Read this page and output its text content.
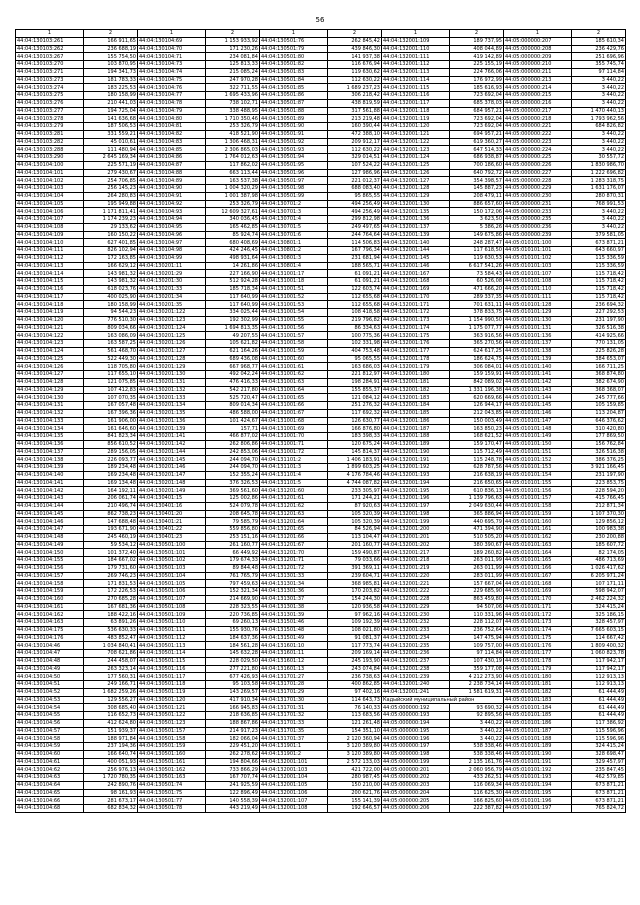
56
1	2	1	2	1	2	1	2	1	2
44:04:130103:261	166 911,65	44:04:130104:69	1 153 933,92	44:04:130501:76	262 845,42	44:04:132001:109	189 737,95	44:05:000000:207	185 610,34
44:04:130103:262	236 688,19	44:04:130104:70	171 230,26	44:04:130501:79	439 846,30	44:04:132001:110	408 044,89	44:05:000000:208	236 429,76
44:04:130103:267	155 754,50	44:04:130104:71	234 081,84	44:04:130501:80	141 937,38	44:04:132001:111	419 142,89	44:05:000000:209	251 696,96
44:04:130103:270	103 870,95	44:04:130104:73	125 813,33	44:04:130501:82	116 676,94	44:04:132001:112	225 155,19	44:05:000000:210	355 745,74
44:04:130103:271	194 341,73	44:04:130104:74	215 085,24	44:04:130501:83	119 630,62	44:04:132001:113	224 766,06	44:05:000000:211	97 114,84
44:04:130103:273	181 783,33	44:04:130104:75	247 970,28	44:04:130501:84	112 630,22	44:04:132001:114	176 972,99	44:05:000000:213	3 440,22
44:04:130103:274	183 225,53	44:04:130104:76	322 711,55	44:04:130501:85	1 689 237,23	44:04:132001:115	185 616,93	44:05:000000:214	3 440,22
44:04:130103:275	180 158,99	44:04:130104:77	1 695 433,96	44:04:130501:86	306 218,42	44:04:132001:116	723 692,04	44:05:000000:215	3 440,22
44:04:130103:276	210 441,03	44:04:130104:78	738 102,71	44:04:130501:87	438 819,59	44:04:132001:117	685 378,03	44:05:000000:216	3 440,22
44:04:130103:277	194 725,04	44:04:130104:79	338 488,95	44:04:130501:88	317 561,88	44:04:132001:118	684 957,21	44:05:000000:217	1 470 440,13
44:04:130103:278	141 636,68	44:04:130104:80	1 710 350,46	44:04:130501:89	213 219,48	44:04:132001:119	723 692,04	44:05:000000:218	1 793 962,56
44:04:130103:279	187 506,53	44:04:130104:81	253 326,79	44:04:130501:90	160 390,44	44:04:132001:120	723 692,04	44:05:000000:221	684 826,82
44:04:130103:281	331 559,21	44:04:130104:82	418 521,90	44:04:130501:91	472 388,10	44:04:132001:121	694 957,21	44:05:000000:222	3 440,22
44:04:130103:282	45 010,61	44:04:130104:83	1 306 468,31	44:04:130501:92	209 912,17	44:04:132001:122	619 360,27	44:05:000000:223	3 440,22
44:04:130103:288	111 480,94	44:04:130104:85	2 306 865,03	44:04:130501:93	112 630,22	44:04:132001:123	647 514,33	44:05:000000:224	3 440,22
44:04:130103:290	2 645 169,34	44:04:130104:86	1 764 012,63	44:04:130501:94	329 014,51	44:04:132001:124	686 938,87	44:05:000000:225	30 557,72
44:04:130104:100	225 571,19	44:04:130104:87	117 862,02	44:04:130501:95	107 524,22	44:04:132001:125	700 186,60	44:05:000000:226	1 830 986,70
44:04:130104:101	279 430,67	44:04:130104:88	663 113,44	44:04:130501:96	127 986,96	44:04:132001:126	640 792,72	44:05:000000:227	1 222 696,82
44:04:130104:102	254 706,85	44:04:130104:89	163 537,38	44:04:130501:97	221 012,37	44:04:132001:127	354 398,57	44:05:000000:228	1 283 318,75
44:04:130104:103	256 145,23	44:04:130104:90	1 004 320,29	44:04:130501:98	688 083,40	44:04:132001:128	145 887,23	44:05:000000:229	1 631 176,07
44:04:130104:104	264 280,83	44:04:130104:91	1 001 387,98	44:04:130501:99	95 865,55	44:04:132001:129	208 479,11	44:05:000000:230	280 870,31
44:04:130104:105	195 949,88	44:04:130104:92	253 326,79	44:04:130701:2	494 256,49	44:04:132001:130	886 657,60	44:05:000000:231	768 991,53
44:04:130104:106	1 171 811,41	44:04:130104:93	12 609 327,61	44:04:130701:3	494 256,49	44:04:132001:135	150 172,06	44:05:000000:233	3 440,22
44:04:130104:107	1 174 239,23	44:04:130104:94	340 036,45	44:04:130701:4	299 812,98	44:04:132001:136	3 623,50	44:05:000000:235	3 440,22
44:04:130104:108	29 133,62	44:04:130104:95	165 462,85	44:04:130701:5	249 497,65	44:04:132001:137	5 386,26	44:05:000000:236	3 440,22
44:04:130104:109	160 150,22	44:04:130104:96	85 924,74	44:04:130701:6	244 764,64	44:04:132001:139	149 675,86	44:05:000000:239	379 581,05
44:04:130104:110	627 401,85	44:04:130104:97	680 408,69	44:04:130801:1	114 506,83	44:04:132001:140	248 287,47	44:05:010101:100	673 871,21
44:04:130104:111	826 102,94	44:04:130104:98	424 246,45	44:04:130801:2	167 796,34	44:04:132001:144	117 618,50	44:05:010101:101	643 660,97
44:04:130104:112	172 163,85	44:04:130104:99	498 931,64	44:04:130801:3	231 681,94	44:04:132001:145	119 630,53	44:05:010101:102	115 336,59
44:04:130104:113	166 629,12	44:04:130201:11	14 261,86	44:04:130801:4	188 565,71	44:04:132001:146	6 617 541,26	44:05:010101:103	115 336,59
44:04:130104:114	143 981,32	44:04:130201:29	227 166,90	44:04:131001:17	61 091,21	44:04:132001:167	73 584,43	44:05:010101:107	115 718,42
44:04:130104:115	143 981,32	44:04:130201:30	512 924,28	44:04:131001:18	61 091,21	44:04:132001:168	60 526,08	44:05:010101:108	115 718,42
44:04:130104:116	618 023,76	44:04:130201:33	185 718,34	44:04:131001:51	122 603,74	44:04:132001:169	471 666,20	44:05:010101:110	115 718,42
44:04:130104:117	400 025,90	44:04:130201:34	117 640,99	44:04:131001:52	112 655,68	44:04:132001:170	289 337,35	44:05:010101:111	115 718,42
44:04:130104:118	180 158,99	44:04:130201:35	117 640,99	44:04:131001:53	112 655,68	44:04:132001:171	701 631,11	44:05:010101:128	236 694,32
44:04:130104:119	94 544,23	44:04:130201:122	334 025,44	44:04:131001:54	108 418,58	44:04:132001:172	378 833,75	44:05:010101:129	227 292,53
44:04:130104:120	776 510,30	44:04:130201:123	192 302,99	44:04:131001:55	219 796,82	44:04:132001:173	1 154 990,50	44:05:010101:130	231 197,90
44:04:130104:121	809 034,66	44:04:130201:124	1 694 813,35	44:04:131001:56	86 334,63	44:04:132001:174	1 175 077,77	44:05:010101:131	326 516,38
44:04:130104:122	163 086,09	44:04:130201:125	49 207,55	44:04:131001:57	100 775,36	44:04:132001:175	363 916,56	44:05:010101:136	414 925,66
44:04:130104:123	163 587,25	44:04:130201:126	105 621,82	44:04:131001:58	102 331,98	44:04:132001:176	365 270,56	44:05:010101:137	770 131,05
44:04:130104:124	561 468,70	44:04:130201:127	621 164,26	44:04:131001:59	404 753,48	44:04:132001:177	624 617,25	44:05:010101:138	225 826,28
44:04:130104:125	522 449,30	44:04:130201:128	689 436,08	44:04:131001:60	95 065,55	44:04:132001:178	186 624,75	44:05:010101:139	384 653,07
44:04:130104:126	118 705,80	44:04:130201:129	667 968,77	44:04:131001:61	163 686,03	44:04:132001:179	306 084,01	44:05:010101:140	166 711,25
44:04:130104:127	117 655,10	44:04:130201:130	492 042,24	44:04:131001:62	221 812,97	44:04:132001:180	159 159,91	44:05:010101:141	368 874,80
44:04:130104:128	121 075,85	44:04:130201:131	476 416,33	44:04:131001:63	198 284,91	44:04:132001:181	842 089,02	44:05:010101:142	382 674,90
44:04:130104:129	107 412,83	44:04:130201:132	542 217,80	44:04:131001:64	155 855,37	44:04:132001:182	1 331 196,38	44:05:010101:143	368 368,07
44:04:130104:130	107 070,35	44:04:130201:133	525 720,47	44:04:131001:65	121 084,12	44:04:132001:183	620 669,66	44:05:010101:144	245 777,66
44:04:130104:131	167 057,48	44:04:130201:134	809 014,34	44:04:131001:66	251 276,32	44:04:132001:184	126 944,17	44:05:010101:145	105 159,85
44:04:130104:132	167 396,36	44:04:130201:135	486 588,00	44:04:131001:67	117 692,32	44:04:132001:185	212 043,85	44:05:010101:146	113 204,87
44:04:130104:133	161 906,00	44:04:130201:136	101 424,67	44:04:131001:68	126 630,77	44:04:132001:186	150 003,49	44:05:010101:147	646 376,62
44:04:130104:134	161 646,60	44:04:130201:139	157,71	44:04:131001:69	166 876,80	44:04:132001:187	163 850,23	44:05:010101:148	310 420,80
44:04:130104:135	841 823,34	44:04:130201:141	466 877,02	44:04:131001:70	183 398,33	44:04:132001:188	168 621,52	44:05:010101:149	177 869,50
44:04:130104:136	856 610,52	44:04:130201:142	262 806,86	44:04:131001:71	120 675,24	44:04:132001:189	159 170,47	44:05:010101:150	156 762,84
44:04:130104:137	289 156,05	44:04:130201:144	242 853,06	44:04:131001:72	145 814,37	44:04:132001:190	115 712,49	44:05:010101:151	326 516,38
44:04:130104:138	226 093,77	44:04:130201:145	244 094,70	44:04:131101:2	1 406 183,91	44:04:132001:191	115 248,78	44:05:010101:152	386 376,25
44:04:130104:139	189 234,48	44:04:130201:146	244 094,70	44:04:131101:3	1 899 603,25	44:04:132001:192	628 787,56	44:05:010101:153	3 921 166,45
44:04:130104:140	169 234,48	44:04:130201:147	152 355,24	44:04:131101:4	4 176 784,46	44:04:132001:193	216 638,19	44:05:010101:154	231 197,90
44:04:130104:141	169 134,48	44:04:130201:148	376 326,53	44:04:131101:5	4 744 087,82	44:04:132001:194	216 650,65	44:05:010101:155	223 853,75
44:04:130104:142	164 192,11	44:04:130201:149	369 561,60	44:04:131201:60	233 305,97	44:04:132001:195	610 836,13	44:05:010101:156	228 594,20
44:04:130104:143	206 061,74	44:04:130401:15	125 002,86	44:04:131201:61	171 244,21	44:04:132001:196	1 139 796,63	44:05:010101:157	415 766,45
44:04:130104:144	210 496,74	44:04:130401:16	524 079,78	44:04:131201:62	87 920,63	44:04:132001:197	2 049 630,44	44:05:010101:158	212 871,34
44:04:130104:145	862 738,23	44:04:130401:20	208 645,78	44:04:131201:63	105 320,39	44:04:132001:198	365 886,94	44:05:010101:159	1 107 370,30
44:04:130104:146	147 688,48	44:04:130401:21	79 585,79	44:04:131201:64	105 320,39	44:04:132001:199	440 695,79	44:05:010101:160	129 856,12
44:04:130104:147	193 671,90	44:04:130401:22	559 856,80	44:04:131201:65	84 526,94	44:04:132001:200	471 394,90	44:05:010101:161	100 983,38
44:04:130104:148	245 460,19	44:04:130401:23	253 151,16	44:04:131201:66	113 104,47	44:04:132001:201	510 505,20	44:05:010101:162	230 200,88
44:04:130104:149	59 534,12	44:04:130501:100	261 160,77	44:04:131201:67	201 160,77	44:04:132001:202	380 390,67	44:05:010101:163	185 607,72
44:04:130104:150	101 372,40	44:04:130501:101	66 449,92	44:04:131201:70	159 490,87	44:04:132001:217	189 260,82	44:05:010101:164	82 174,05
44:04:130104:155	184 667,02	44:04:130501:102	179 674,33	44:04:131201:71	79 033,66	44:04:132001:218	263 011,99	44:05:010101:165	486 713,69
44:04:130104:156	179 731,60	44:04:130501:103	89 844,48	44:04:131201:72	391 369,11	44:04:132001:219	263 011,99	44:05:010101:166	1 026 417,62
44:04:130104:157	269 746,23	44:04:130501:104	761 765,79	44:04:131301:33	239 604,71	44:04:132001:220	283 011,99	44:05:010101:167	6 205 971,24
44:04:130104:158	171 831,53	44:04:130501:105	797 459,63	44:04:131301:34	368 985,81	44:04:132001:221	157 667,04	44:05:010101:168	107 171,11
44:04:130104:159	172 226,53	44:04:130501:106	152 321,34	44:04:131301:36	170 203,82	44:04:132001:222	229 685,90	44:05:010101:169	598 942,07
44:04:130104:160	270 685,28	44:04:130501:107	214 669,90	44:04:131301:37	154 244,30	44:04:132001:228	863 459,80	44:05:010101:170	2 462 224,32
44:04:130104:161	167 681,36	44:04:130501:108	228 323,55	44:04:131301:38	120 936,58	44:04:132001:229	94 507,06	44:05:010101:171	324 415,24
44:04:130104:162	188 422,16	44:04:130501:109	220 736,85	44:04:131301:39	97 962,16	44:04:132001:230	110 331,96	44:05:010101:172	325 186,15
44:04:130104:163	63 891,26	44:04:130501:110	69 260,13	44:04:131501:46	109 192,39	44:04:132001:232	228 112,07	44:05:010101:173	328 457,97
44:04:130104:175	536 630,33	44:04:130501:111	155 930,76	44:04:131501:48	108 021,80	44:04:132001:233	236 752,64	44:05:010101:174	7 665 603,15
44:04:130104:176	483 852,47	44:04:130501:112	184 637,36	44:04:131501:49	91 081,37	44:04:132001:234	147 475,94	44:05:010101:175	114 667,42
44:04:130104:46	1 034 840,41	44:04:130501:113	184 561,28	44:04:131601:10	117 773,74	44:04:132001:235	109 757,00	44:05:010101:176	1 809 400,32
44:04:130104:47	708 621,86	44:04:130501:114	145 632,28	44:04:131601:11	209 169,14	44:04:132001:236	97 114,84	44:05:010101:177	1 060 823,78
44:04:130104:48	244 458,07	44:04:130501:115	228 029,50	44:04:131601:12	245 193,90	44:04:132001:237	107 430,19	44:05:010101:178	117 942,17
44:04:130104:49	263 323,14	44:04:130501:116	277 221,80	44:04:131601:13	243 074,84	44:04:132001:238	359 177,08	44:05:010101:179	117 942,17
44:04:130104:50	177 560,31	44:04:130501:117	677 426,93	44:04:131701:27	236 738,63	44:04:132001:239	4 212 273,90	44:05:010101:180	112 913,13
44:04:130104:51	249 166,71	44:04:130501:118	95 103,58	44:04:131701:28	400 862,85	44:04:132001:240	2 238 734,14	44:05:010101:181	112 913,13
44:04:130104:52	1 682 259,26	44:04:130501:119	143 269,57	44:04:131701:29	97 402,16	44:04:132001:241	1 581 619,31	44:05:010101:182	61 444,49
44:04:130104:53	129 556,27	44:04:130501:120	417 910,34	44:04:131701:30	114 643,73	Кадыйский муниципальный район		44:05:010101:183	61 444,49
44:04:130104:54	308 685,40	44:04:130501:121	166 945,83	44:04:131701:31	76 140,33	44:05:000000:192	93 690,32	44:05:010101:184	61 444,49
44:04:130104:55	116 652,73	44:04:130501:122	218 636,85	44:04:131701:32	113 683,56	44:05:000000:193	92 895,56	44:05:010101:185	61 444,49
44:04:130104:56	412 624,80	44:04:130501:123	188 867,86	44:04:131701:33	121 261,48	44:05:000000:194	3 440,22	44:05:010101:186	117 386,92
44:04:130104:57	151 939,37	44:04:130501:157	214 917,23	44:04:131701:35	154 351,10	44:05:000000:195	3 440,22	44:05:010101:187	115 596,96
44:04:130104:58	188 971,84	44:04:130501:158	182 066,04	44:04:131701:37	2 120 360,94	44:05:000000:196	3 440,22	44:05:010101:188	115 596,96
44:04:130104:59	237 194,36	44:04:130501:159	229 451,20	44:04:131901:1	3 120 389,80	44:05:000000:197	538 338,46	44:05:010101:189	324 415,24
44:04:130104:60	166 640,74	44:04:130501:160	262 278,62	44:04:131901:2	3 120 389,80	44:05:000000:198	538 338,46	44:05:010101:190	328 698,47
44:04:130104:61	400 051,93	44:04:130501:161	194 804,66	44:04:132001:101	2 572 133,03	44:05:000000:199	2 135 161,76	44:05:010101:191	329 457,97
44:04:130104:62	256 976,13	44:04:130501:162	733 866,29	44:04:132001:103	421 722,00	44:05:000000:201	2 060 956,79	44:05:010101:192	235 847,45
44:04:130104:63	1 720 780,35	44:04:130501:163	167 707,74	44:04:132001:104	280 987,45	44:05:000000:202	433 262,51	44:05:010101:193	462 579,85
44:04:130104:64	242 890,76	44:04:130501:74	241 925,59	44:04:132001:105	150 210,00	44:05:000000:203	116 069,34	44:05:010101:194	673 871,21
44:04:130104:65	98 161,93	44:04:130501:75	122 896,49	44:04:132001:106	200 621,76	44:05:000000:204	116 625,30	44:05:010101:195	673 871,21
44:04:130104:66	281 673,17	44:04:130501:77	140 558,39	44:04:132001:107	155 141,39	44:05:000000:205	166 825,60	44:05:010101:196	673 871,21
44:04:130104:68	682 834,32	44:04:130501:78	443 219,49	44:04:132001:108	192 646,57	44:05:000000:206	222 387,82	44:05:010101:197	765 824,72
